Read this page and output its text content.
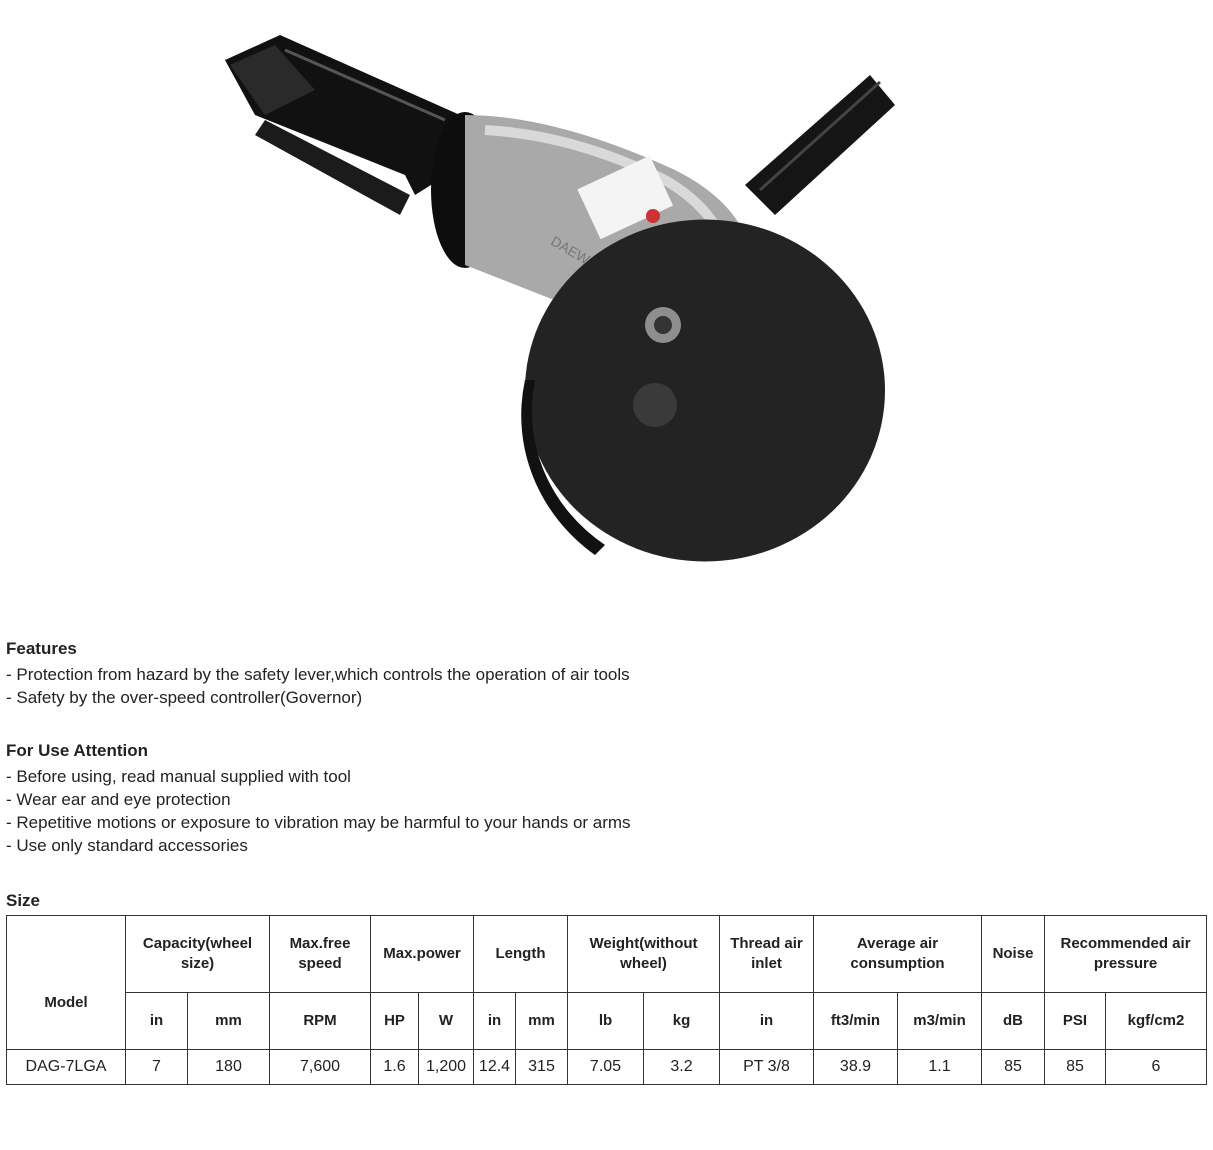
Features
- Protection from hazard by the safety lever,which controls the operation of air tools
- Safety by the over-speed controller(Governor)
For Use Attention
- Before using, read manual supplied with tool
- Wear ear and eye protection
- Repetitive motions or exposure to vibration may be harmful to your hands or arms
- Use only standard accessories
Size
Model	Capacity(wheel size)		Max.free speed	Max.power		Length		Weight(without wheel)		Thread air inlet	Average air consumption		Noise	Recommended air pressure	
	in	mm	RPM	HP	W	in	mm	lb	kg	in	ft3/min	m3/min	dB	PSI	kgf/cm2
DAG-7LGA	7	180	7,600	1.6	1,200	12.4	315	7.05	3.2	PT 3/8	38.9	1.1	85	85	6
